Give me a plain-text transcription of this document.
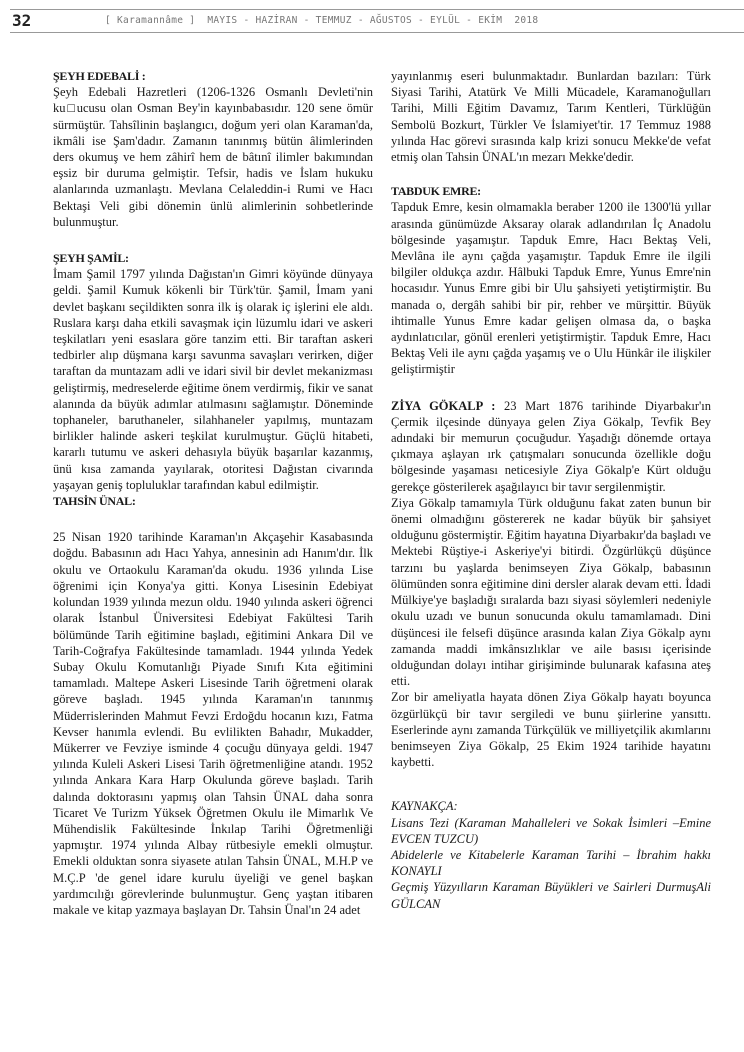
32	[ Karamannâme ]  MAYIS - HAZİRAN - TEMMUZ - AĞUSTOS - EYLÜL - EKİM  2018

ŞEYH EDEBALİ :

Şeyh Edebali Hazretleri (1206-1326 Osmanlı Devleti'nin ku□ucusu olan Osman Bey'in kayınbabasıdır. 120 sene ömür sürmüştür. Tahsîlinin başlangıcı, doğum yeri olan Karaman'da, ikmâli ise Şam'dadır. Zamanın tanınmış bütün âlimlerinden ders okumuş ve hem zâhirî hem de bâtınî ilimler bakımından eşsiz bir duruma gelmiştir. Tefsir, hadis ve İslam hukuku alanlarında uzmanlaştı. Mevlana Celaleddin-i Rumi ve Hacı Bektaşi Veli gibi dönemin ünlü alimlerinin sohbetlerinde bulunmuştur.

ŞEYH ŞAMİL:

İmam Şamil 1797 yılında Dağıstan'ın Gimri köyünde dünyaya geldi. Şamil Kumuk kökenli bir Türk'tür. Şamil, İmam yani devlet başkanı seçildikten sonra ilk iş olarak iç işlerini ele aldı. Ruslara karşı daha etkili savaşmak için lüzumlu idari ve askeri teşkilatları yeni esaslara göre tanzim etti. Bir taraftan askeri tedbirler alıp düşmana karşı savunma savaşları verirken, diğer taraftan da muntazam adli ve idari sivil bir devlet mekanizması geliştirmiş, medreselerde eğitime önem verdirmiş, fikir ve sanat alanında da büyük adımlar atılmasını sağlamıştır. Döneminde tophaneler, baruthaneler, silahhaneler yapılmış, muntazam birlikler halinde askeri teşkilat kurulmuştur. Güçlü hitabeti, kararlı tutumu ve askeri dehasıyla büyük başarılar kazanmış, ünü kısa zamanda yayılarak, otoritesi Dağıstan civarında yaşayan geniş topluluklar tarafından kabul edilmiştir.

TAHSİN ÜNAL:

25 Nisan 1920 tarihinde Karaman'ın Akçaşehir Kasabasında doğdu. Babasının adı Hacı Yahya, annesinin adı Hanım'dır. İlk okulu ve Ortaokulu Karaman'da okudu. 1936 yılında Lise öğrenimi için Konya'ya gitti. Konya Lisesinin Edebiyat kolundan 1939 yılında mezun oldu. 1940 yılında askeri öğrenci olarak İstanbul Üniversitesi Edebiyat Fakültesi Tarih bölümünde Tarih eğitimine başladı, eğitimini Ankara Dil ve Tarih-Coğrafya Fakültesinde tamamladı. 1944 yılında Yedek Subay Okulu Komutanlığı Piyade Sınıfı Kıta eğitimini tamamladı. Maltepe Askeri Lisesinde Tarih öğretmeni olarak göreve başladı. 1945 yılında Karaman'ın tanınmış Müderrislerinden Mahmut Fevzi Erdoğdu hocanın kızı, Fatma Kevser hanımla evlendi. Bu evlilikten Bahadır, Mukadder, Mükerrer ve Fevziye isminde 4 çocuğu dünyaya geldi. 1947 yılında Kuleli Askeri Lisesi Tarih öğretmenliğine atandı. 1952 yılında Ankara Kara Harp Okulunda göreve başladı. Tarih dalında doktorasını yapmış olan Tahsin ÜNAL daha sonra Ticaret Ve Turizm Yüksek Öğretmen Okulu ile Mimarlık Ve Mühendislik Fakültesinde İnkılap Tarihi Öğretmenliği yapmıştır. 1974 yılında Albay rütbesiyle emekli olmuştur. Emekli olduktan sonra siyasete atılan Tahsin ÜNAL, M.H.P ve M.Ç.P 'de genel idare kurulu üyeliği ve genel başkan yardımcılığı görevlerinde bulunmuştur. Genç yaştan itibaren makale ve kitap yazmaya başlayan Dr. Tahsin Ünal'ın 24 adet

yayınlanmış eseri bulunmaktadır. Bunlardan bazıları: Türk Siyasi Tarihi, Atatürk Ve Milli Mücadele, Karamanoğulları Tarihi, Milli Eğitim Davamız, Tarım Kentleri, Türklüğün Sembolü Bozkurt, Türkler Ve İslamiyet'tir. 17 Temmuz 1988 yılında Hac görevi sırasında kalp krizi sonucu Mekke'de vefat etmiş olan Tahsin ÜNAL'ın mezarı Mekke'dedir.

TABDUK EMRE:

Tapduk Emre, kesin olmamakla beraber 1200 ile 1300'lü yıllar arasında günümüzde Aksaray olarak adlandırılan İç Anadolu bölgesinde yaşamıştır. Tapduk Emre, Hacı Bektaş Veli, Mevlâna ile aynı çağda yaşamıştır. Tapduk Emre ile ilgili bilgiler oldukça azdır. Hâlbuki Tapduk Emre, Yunus Emre'nin hocasıdır. Yunus Emre gibi bir Ulu şahsiyeti yetiştirmiştir. Bu manada o, dergâh sahibi bir pir, rehber ve mürşittir. Büyük ihtimalle Yunus Emre kadar gelişen olmasa da, o başka aydınlatıcılar, gönül erenleri yetiştirmiştir. Tapduk Emre, Hacı Bektaş Veli ile aynı çağda yaşamış ve o Ulu Hünkâr ile ilişkiler geliştirmiştir

ZİYA GÖKALP : 23 Mart 1876 tarihinde Diyarbakır'ın Çermik ilçesinde dünyaya gelen Ziya Gökalp, Tevfik Bey adındaki bir memurun çocuğudur. Yaşadığı dönemde ortaya çıkmaya aşlayan ırk çatışmaları sonucunda özellikle doğu bölgesinde yaşaması neticesiyle Ziya Gökalp'e Kürt olduğu gerekçe gösterilerek aşağılayıcı bir tavır sergilenmiştir.

Ziya Gökalp tamamıyla Türk olduğunu fakat zaten bunun bir önemi olmadığını göstererek ne kadar büyük bir şahsiyet olduğunu göstermiştir. Eğitim hayatına Diyarbakır'da başladı ve Mektebi Rüştiye-i Askeriye'yi bitirdi. Özgürlükçü düşünce tarzını bu yaşlarda benimseyen Ziya Gökalp, babasının ölümünden sonra eğitimine dini dersler alarak devam etti. İdadi Mülkiye'ye başladığı sıralarda bazı siyasi söylemleri nedeniyle okulu uzadı ve bunun sonucunda okulu tamamlamadı. Dini düşüncesi ile felsefi düşünce arasında kalan Ziya Gökalp aynı zamanda maddi imkânsızlıklar ve aile basısı içerisinde olduğundan dolayı intihar girişiminde bulunarak kafasına ateş etti.

Zor bir ameliyatla hayata dönen Ziya Gökalp hayatı boyunca özgürlükçü bir tavır sergiledi ve bunu şiirlerine yansıttı. Eserlerinde aynı zamanda Türkçülük ve milliyetçilik akımlarını benimseyen Ziya Gökalp, 25 Ekim 1924 tarihide hayatını kaybetti.

KAYNAKÇA:

Lisans Tezi (Karaman Mahalleleri ve Sokak İsimleri –Emine EVCEN TUZCU)

Abidelerle ve Kitabelerle Karaman Tarihi – İbrahim hakkı KONAYLI

Geçmiş Yüzyılların Karaman Büyükleri ve Sairleri DurmuşAli GÜLCAN
